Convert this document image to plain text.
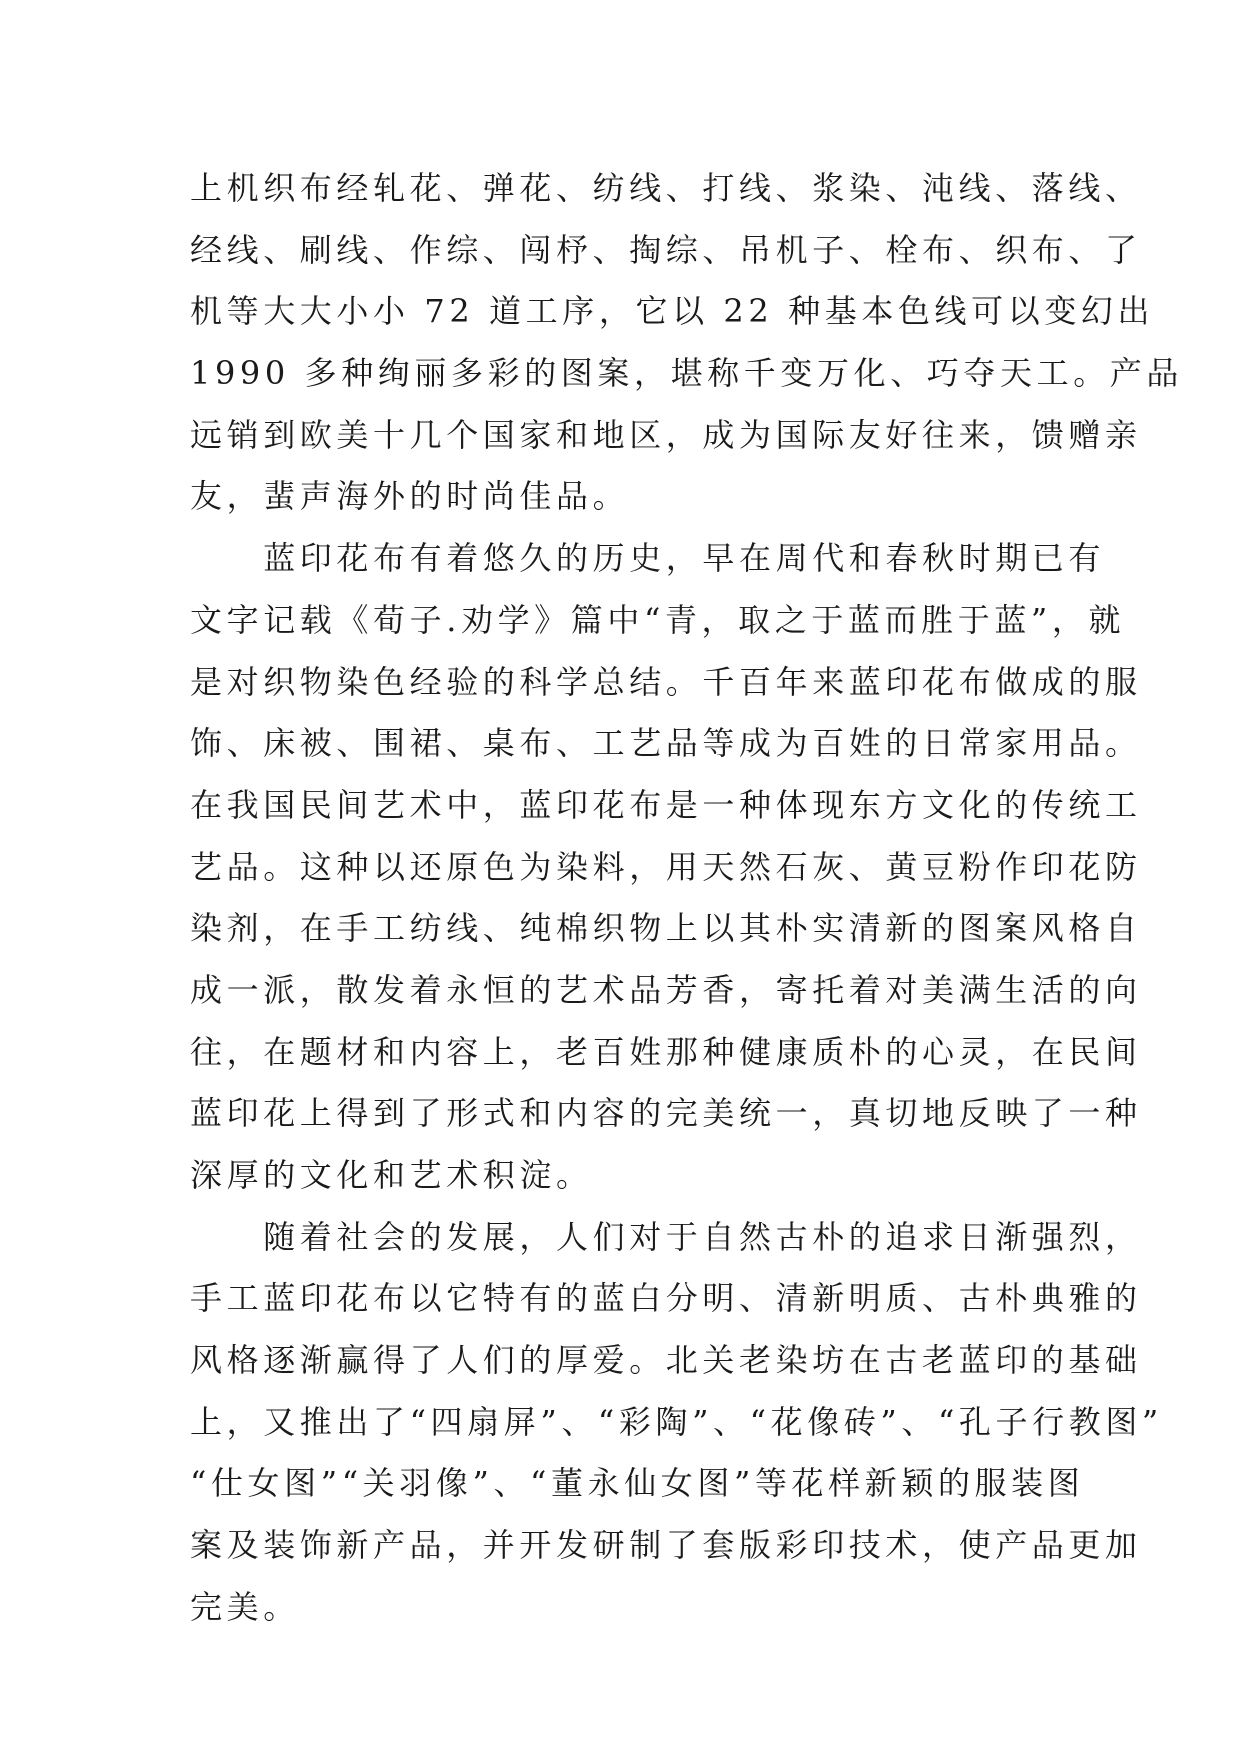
上机织布经轧花、弹花、纺线、打线、浆染、沌线、落线、
经线、刷线、作综、闯杼、掏综、吊机子、栓布、织布、了
机等大大小小 72 道工序，它以 22 种基本色线可以变幻出
1990 多种绚丽多彩的图案，堪称千变万化、巧夺天工。产品
远销到欧美十几个国家和地区，成为国际友好往来，馈赠亲
友，蜚声海外的时尚佳品。
　　蓝印花布有着悠久的历史，早在周代和春秋时期已有
文字记载《荀子.劝学》篇中“青，取之于蓝而胜于蓝”，就
是对织物染色经验的科学总结。千百年来蓝印花布做成的服
饰、床被、围裙、桌布、工艺品等成为百姓的日常家用品。
在我国民间艺术中，蓝印花布是一种体现东方文化的传统工
艺品。这种以还原色为染料，用天然石灰、黄豆粉作印花防
染剂，在手工纺线、纯棉织物上以其朴实清新的图案风格自
成一派，散发着永恒的艺术品芳香，寄托着对美满生活的向
往，在题材和内容上，老百姓那种健康质朴的心灵，在民间
蓝印花上得到了形式和内容的完美统一，真切地反映了一种
深厚的文化和艺术积淀。
　　随着社会的发展，人们对于自然古朴的追求日渐强烈，
手工蓝印花布以它特有的蓝白分明、清新明质、古朴典雅的
风格逐渐赢得了人们的厚爱。北关老染坊在古老蓝印的基础
上，又推出了“四扇屏”、“彩陶”、“花像砖”、“孔子行教图”
“仕女图”“关羽像”、“董永仙女图”等花样新颖的服装图
案及装饰新产品，并开发研制了套版彩印技术，使产品更加
完美。
